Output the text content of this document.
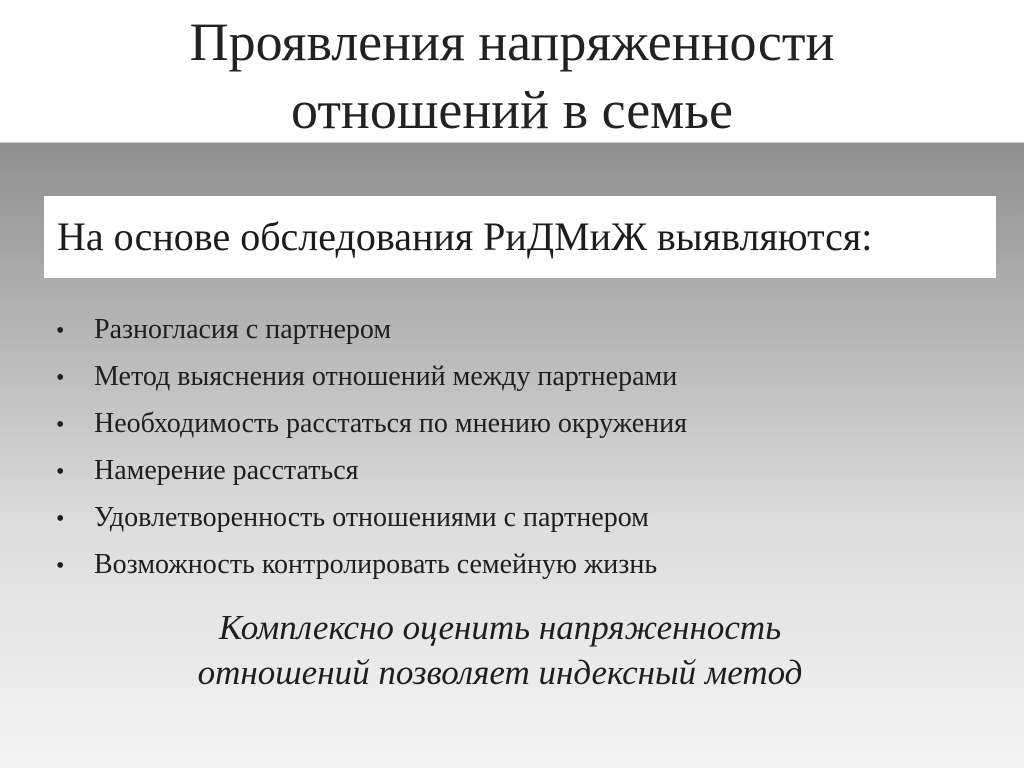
Проявления напряженности
отношений в семье
На основе обследования РиДМиЖ выявляются:
•	Разногласия с партнером
•	Метод выяснения отношений между партнерами
•	Необходимость расстаться по мнению окружения
•	Намерение расстаться
•	Удовлетворенность отношениями с партнером
•	Возможность контролировать семейную жизнь
Комплексно оценить напряженность
отношений позволяет индексный метод
